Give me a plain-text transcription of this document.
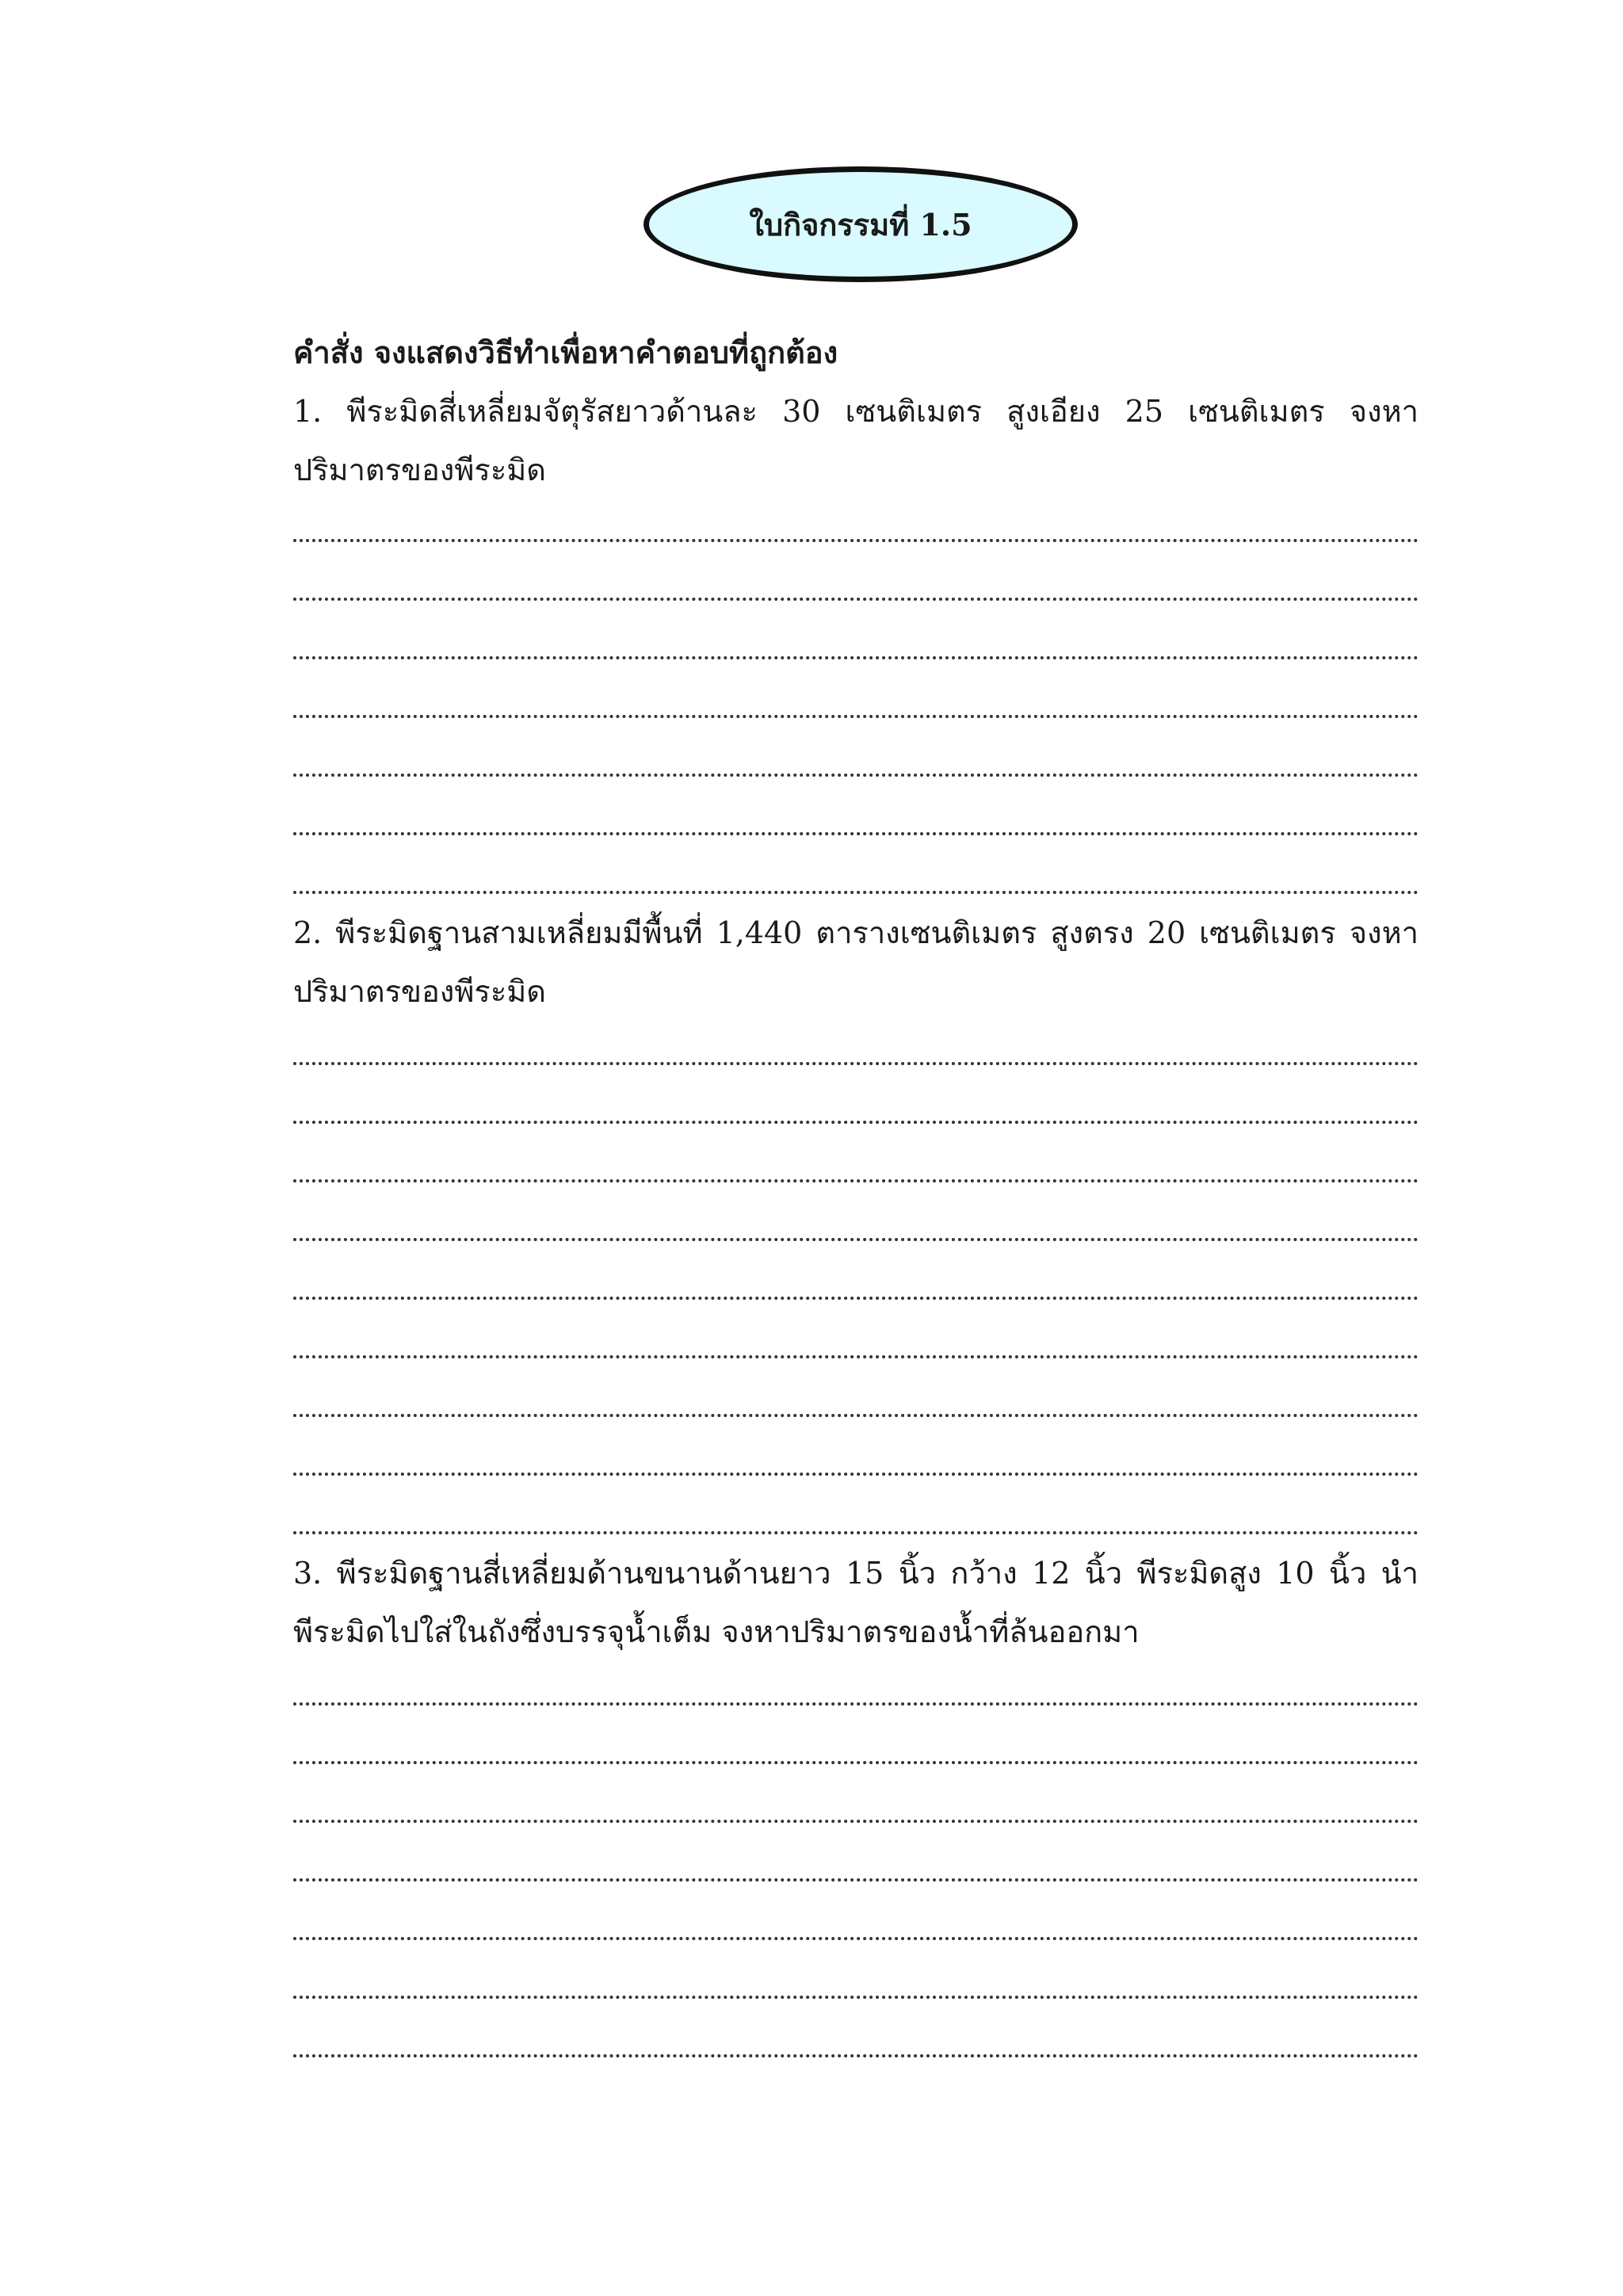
ใบกิจกรรมที่ 1.5

คำสั่ง จงแสดงวิธีทำเพื่อหาคำตอบที่ถูกต้อง

1. พีระมิดสี่เหลี่ยมจัตุรัสยาวด้านละ 30 เซนติเมตร สูงเอียง 25 เซนติเมตร จงหาปริมาตรของพีระมิด

2. พีระมิดฐานสามเหลี่ยมมีพื้นที่ 1,440 ตารางเซนติเมตร สูงตรง 20 เซนติเมตร จงหาปริมาตรของพีระมิด

3. พีระมิดฐานสี่เหลี่ยมด้านขนานด้านยาว 15 นิ้ว กว้าง 12 นิ้ว พีระมิดสูง 10 นิ้ว นำพีระมิดไปใส่ในถังซึ่งบรรจุน้ำเต็ม จงหาปริมาตรของน้ำที่ล้นออกมา
